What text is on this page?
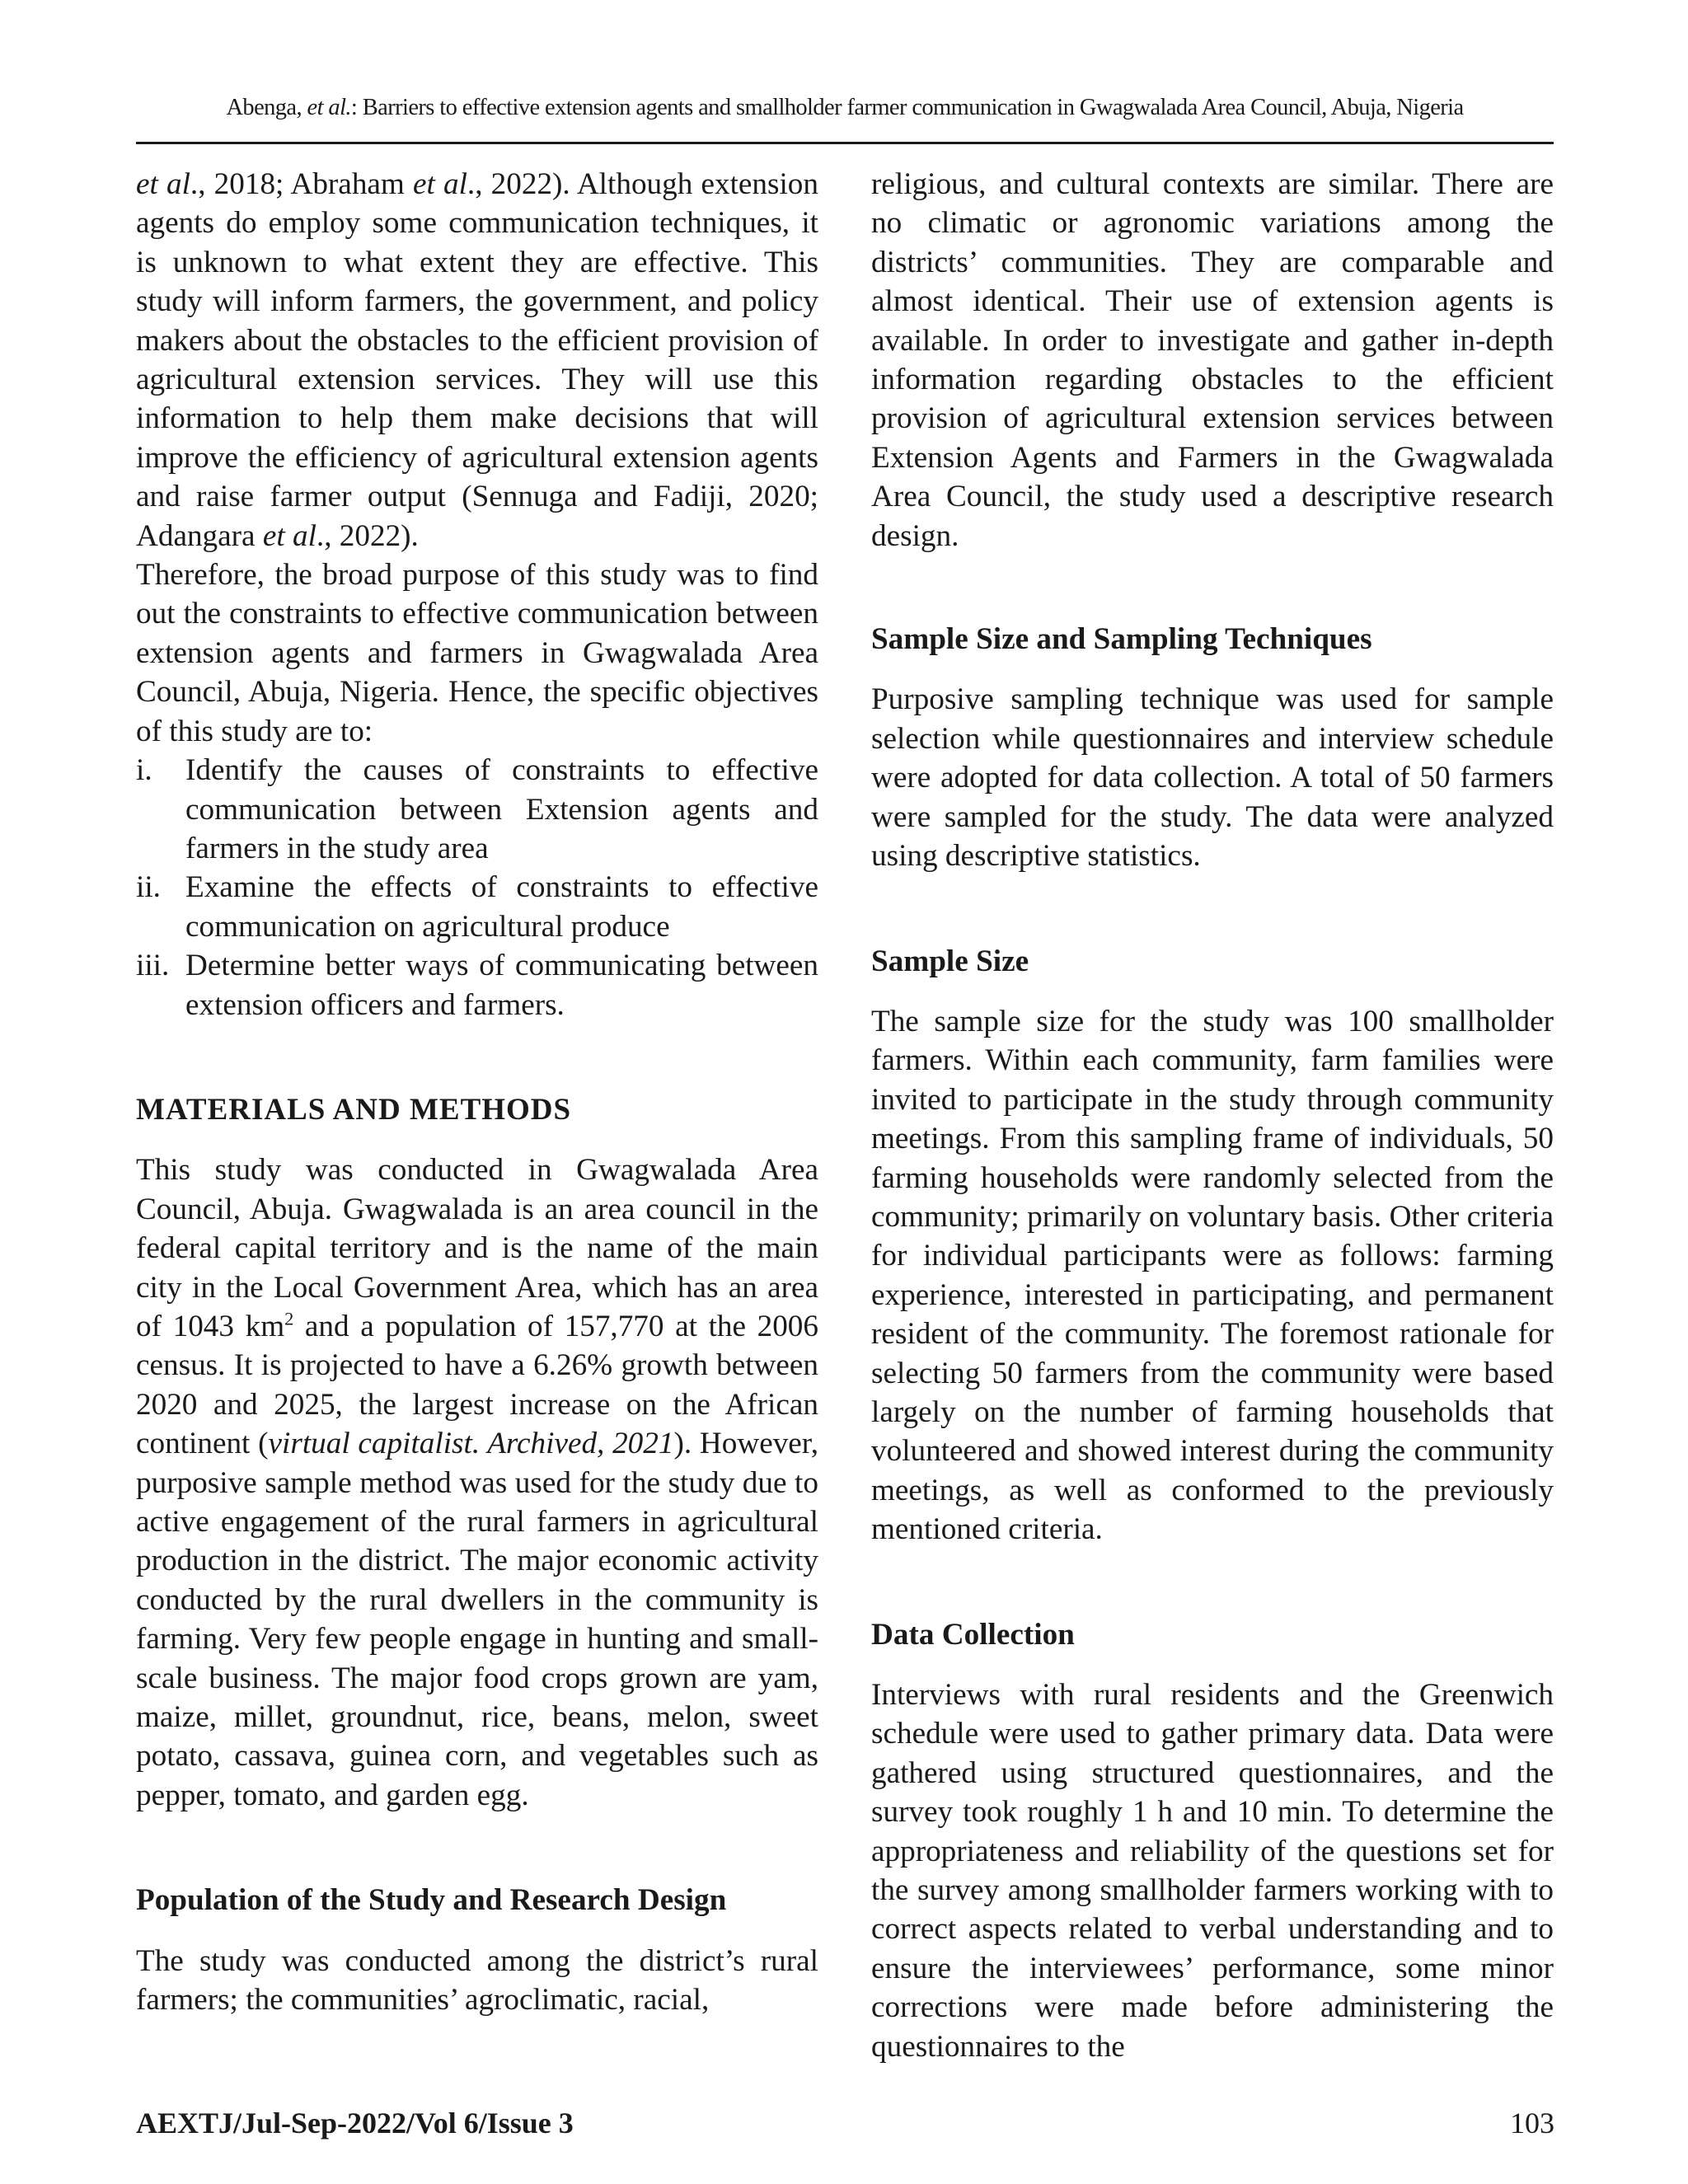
Abenga, et al.: Barriers to effective extension agents and smallholder farmer communication in Gwagwalada Area Council, Abuja, Nigeria

et al., 2018; Abraham et al., 2022). Although extension agents do employ some communication techniques, it is unknown to what extent they are effective. This study will inform farmers, the government, and policy makers about the obstacles to the efficient provision of agricultural extension services. They will use this information to help them make decisions that will improve the efficiency of agricultural extension agents and raise farmer output (Sennuga and Fadiji, 2020; Adangara et al., 2022).

Therefore, the broad purpose of this study was to find out the constraints to effective communication between extension agents and farmers in Gwagwalada Area Council, Abuja, Nigeria. Hence, the specific objectives of this study are to:

i.	Identify the causes of constraints to effective communication between Extension agents and farmers in the study area
ii. Examine the effects of constraints to effective communication on agricultural produce
iii. Determine better ways of communicating between extension officers and farmers.
MATERIALS AND METHODS

This study was conducted in Gwagwalada Area Council, Abuja. Gwagwalada is an area council in the federal capital territory and is the name of the main city in the Local Government Area, which has an area of 1043 $km^2$ and a population of 157,770 at the 2006 census. It is projected to have a 6.26% growth between 2020 and 2025, the largest increase on the African continent (virtual capitalist. Archived, 2021). However, purposive sample method was used for the study due to active engagement of the rural farmers in agricultural production in the district. The major economic activity conducted by the rural dwellers in the community is farming. Very few people engage in hunting and small-scale business. The major food crops grown are yam, maize, millet, groundnut, rice, beans, melon, sweet potato, cassava, guinea corn, and vegetables such as pepper, tomato, and garden egg.

Population of the Study and Research Design

The study was conducted among the district’s rural farmers; the communities’ agroclimatic, racial,

religious, and cultural contexts are similar. There are no climatic or agronomic variations among the districts’ communities. They are comparable and almost identical. Their use of extension agents is available. In order to investigate and gather in-depth information regarding obstacles to the efficient provision of agricultural extension services between Extension Agents and Farmers in the Gwagwalada Area Council, the study used a descriptive research design.

Sample Size and Sampling Techniques

Purposive sampling technique was used for sample selection while questionnaires and interview schedule were adopted for data collection. A total of 50 farmers were sampled for the study. The data were analyzed using descriptive statistics.

Sample Size

The sample size for the study was 100 smallholder farmers. Within each community, farm families were invited to participate in the study through community meetings. From this sampling frame of individuals, 50 farming households were randomly selected from the community; primarily on voluntary basis. Other criteria for individual participants were as follows: farming experience, interested in participating, and permanent resident of the community. The foremost rationale for selecting 50 farmers from the community were based largely on the number of farming households that volunteered and showed interest during the community meetings, as well as conformed to the previously mentioned criteria.

Data Collection

Interviews with rural residents and the Greenwich schedule were used to gather primary data. Data were gathered using structured questionnaires, and the survey took roughly 1 h and 10 min. To determine the appropriateness and reliability of the questions set for the survey among smallholder farmers working with to correct aspects related to verbal understanding and to ensure the interviewees’ performance, some minor corrections were made before administering the questionnaires to the

AEXTJ/Jul-Sep-2022/Vol 6/Issue 3	103
